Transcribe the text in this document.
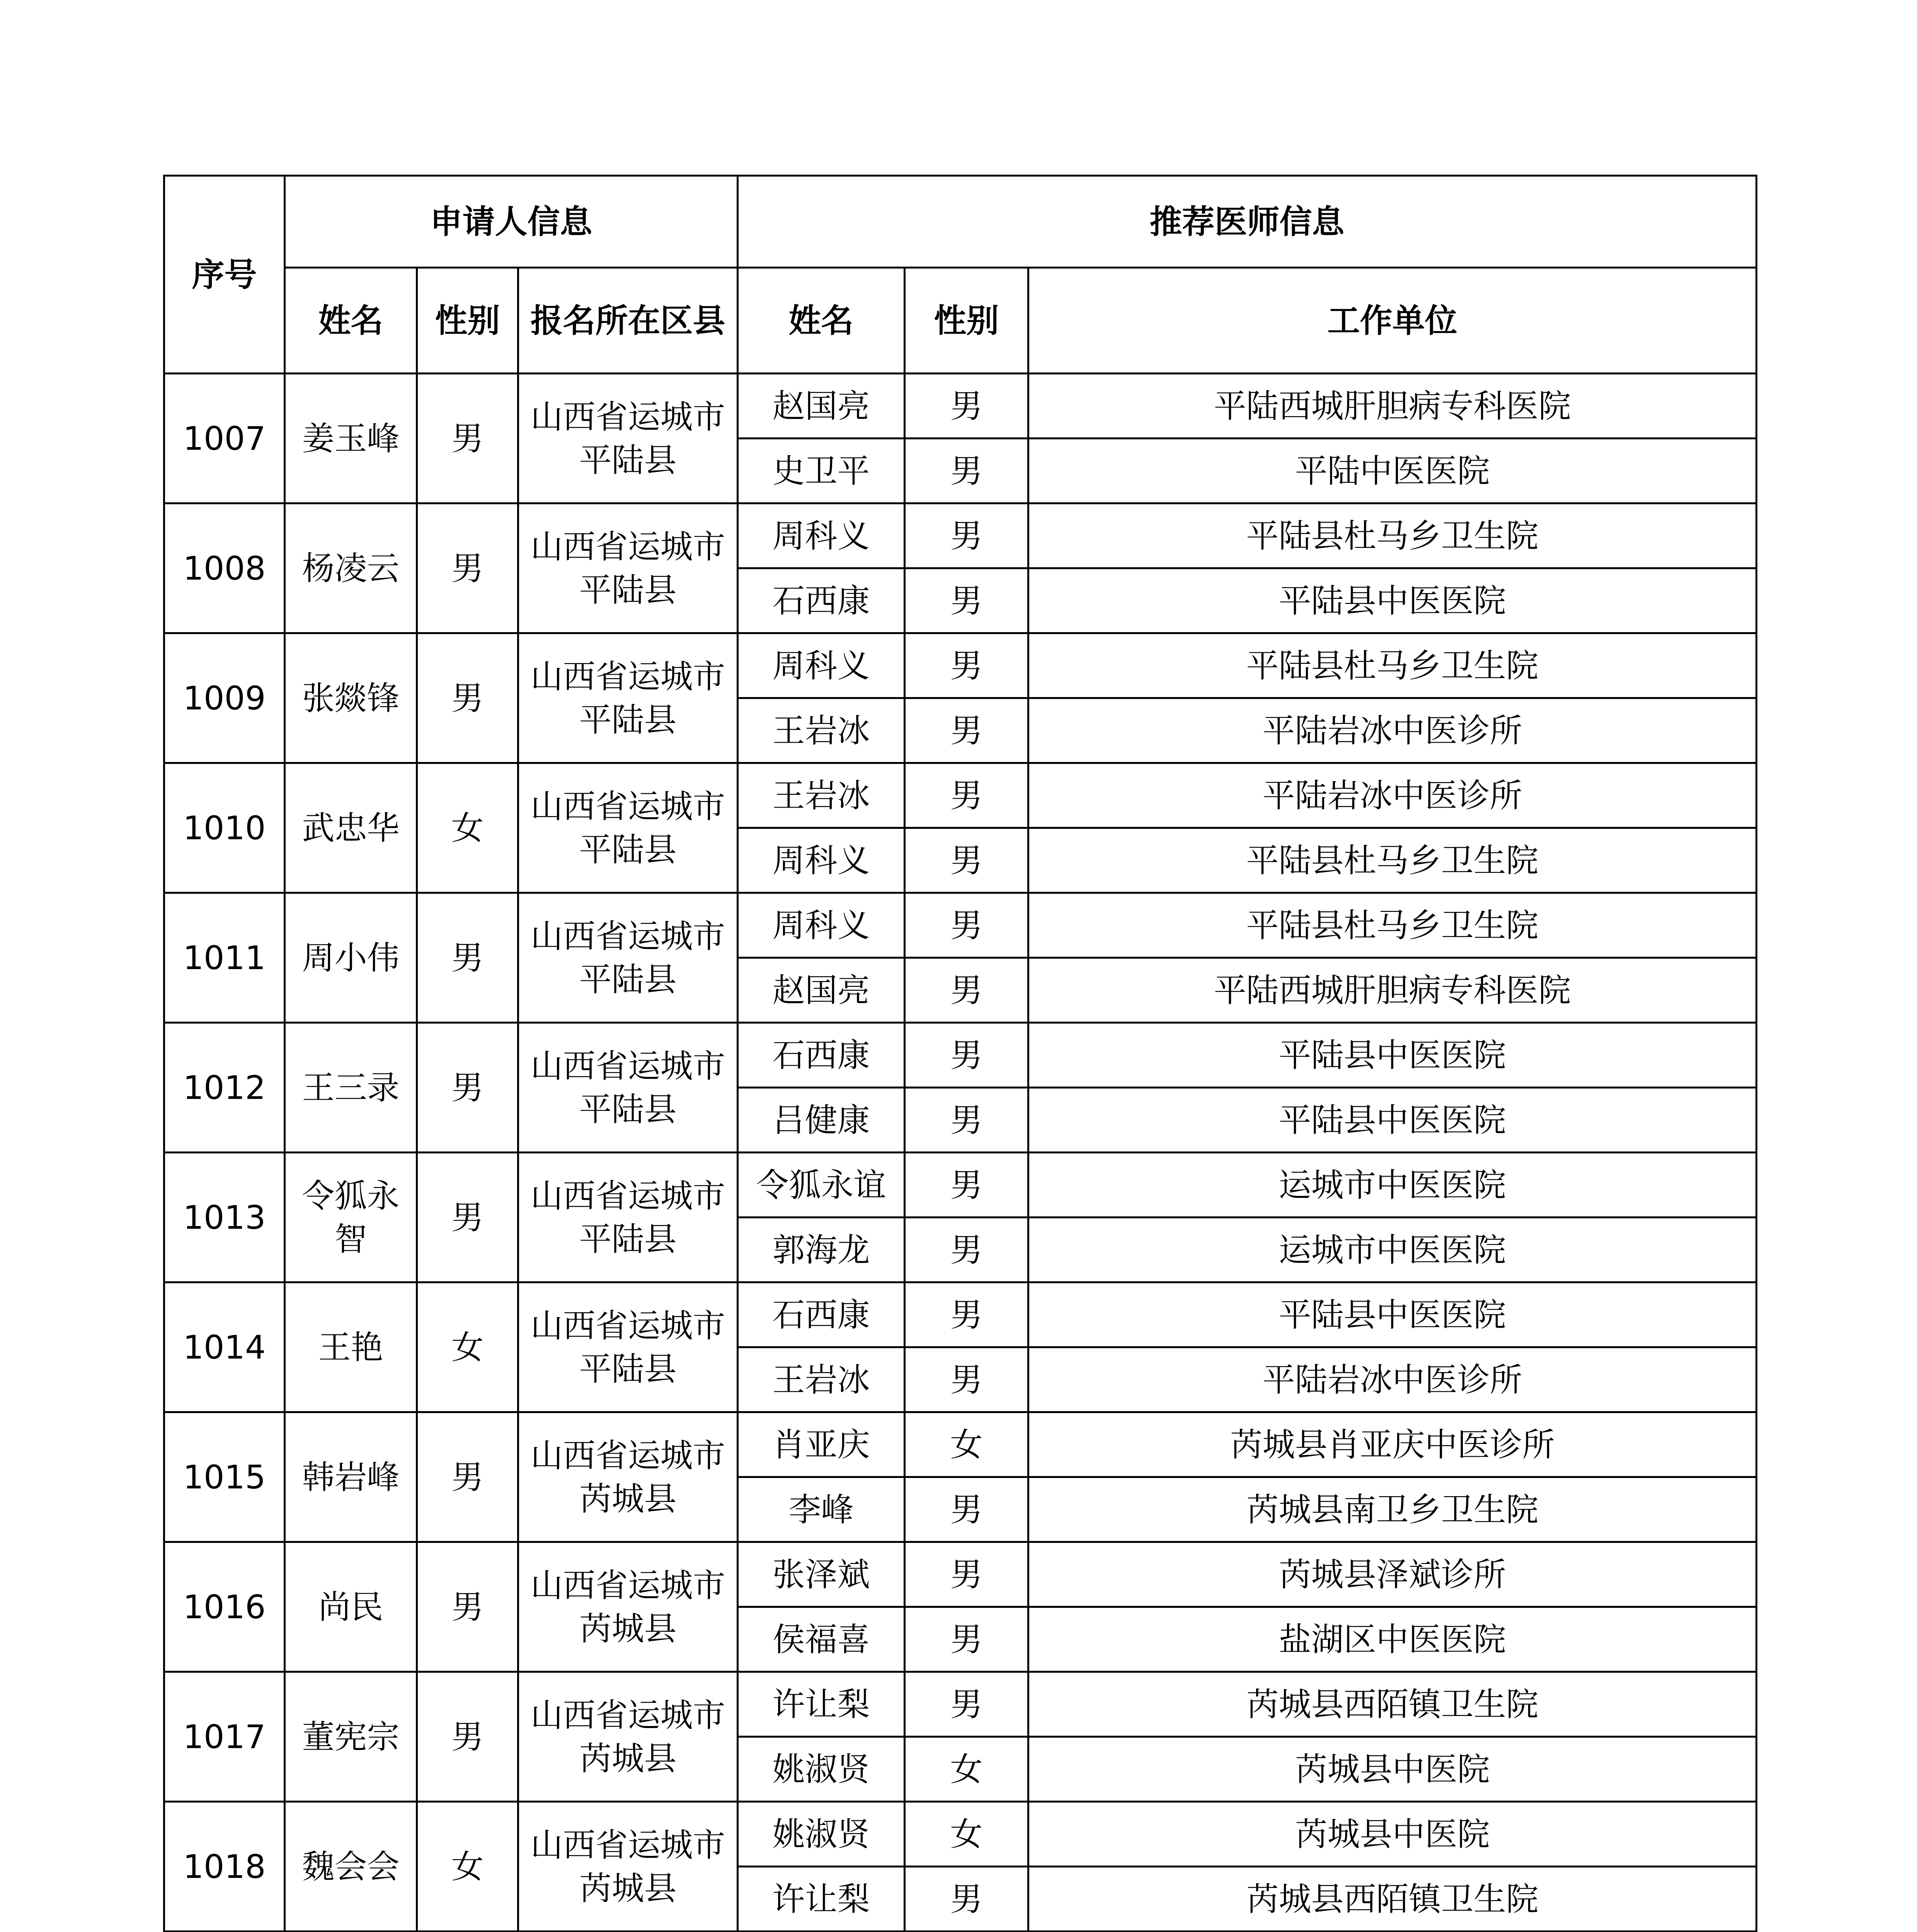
序号	申请人信息			推荐医师信息		
	姓名	性别	报名所在区县	姓名	性别	工作单位
1007	姜玉峰	男	山西省运城市平陆县	赵国亮	男	平陆西城肝胆病专科医院
				史卫平	男	平陆中医医院
1008	杨凌云	男	山西省运城市平陆县	周科义	男	平陆县杜马乡卫生院
				石西康	男	平陆县中医医院
1009	张燚锋	男	山西省运城市平陆县	周科义	男	平陆县杜马乡卫生院
				王岩冰	男	平陆岩冰中医诊所
1010	武忠华	女	山西省运城市平陆县	王岩冰	男	平陆岩冰中医诊所
				周科义	男	平陆县杜马乡卫生院
1011	周小伟	男	山西省运城市平陆县	周科义	男	平陆县杜马乡卫生院
				赵国亮	男	平陆西城肝胆病专科医院
1012	王三录	男	山西省运城市平陆县	石西康	男	平陆县中医医院
				吕健康	男	平陆县中医医院
1013	令狐永智	男	山西省运城市平陆县	令狐永谊	男	运城市中医医院
				郭海龙	男	运城市中医医院
1014	王艳	女	山西省运城市平陆县	石西康	男	平陆县中医医院
				王岩冰	男	平陆岩冰中医诊所
1015	韩岩峰	男	山西省运城市芮城县	肖亚庆	女	芮城县肖亚庆中医诊所
				李峰	男	芮城县南卫乡卫生院
1016	尚民	男	山西省运城市芮城县	张泽斌	男	芮城县泽斌诊所
				侯福喜	男	盐湖区中医医院
1017	董宪宗	男	山西省运城市芮城县	许让梨	男	芮城县西陌镇卫生院
				姚淑贤	女	芮城县中医院
1018	魏会会	女	山西省运城市芮城县	姚淑贤	女	芮城县中医院
				许让梨	男	芮城县西陌镇卫生院
